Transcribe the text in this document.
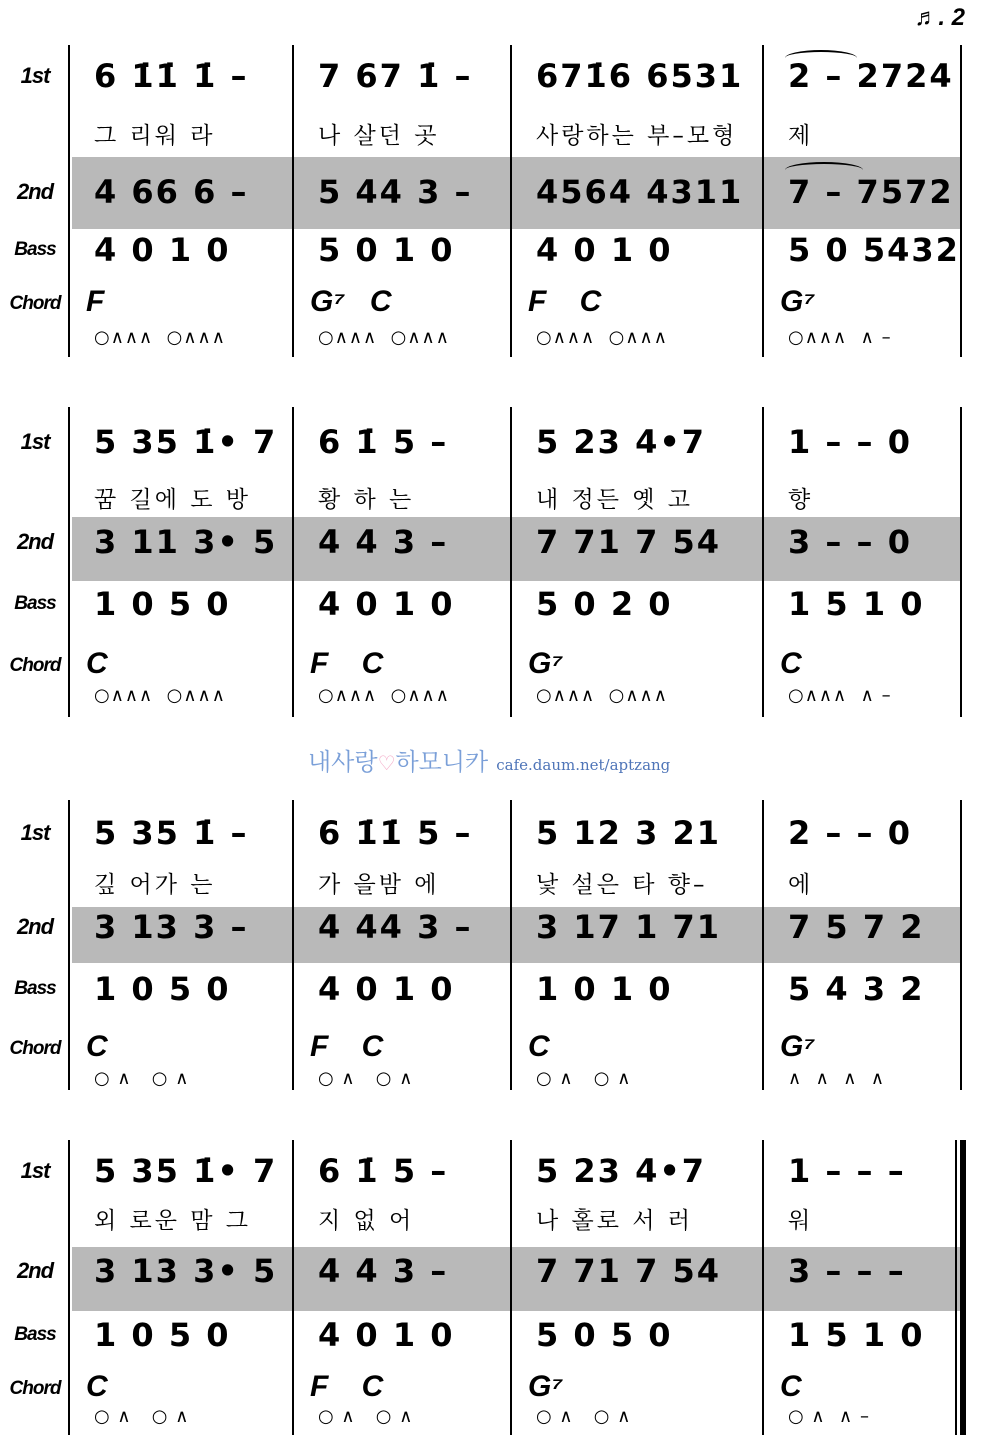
♬. 2
내사랑♡하모니카 cafe.daum.net/aptzang
1st
2nd
Bass
Chord
6 1̇1̇ 1̇ –
그 리워 라
4 66 6 –
4 0 1 0
F
○∧∧∧  ○∧∧∧
7 67 1̇ –
나 살던 곳
5 44 3 –
5 0 1 0
G⁷   C
○∧∧∧  ○∧∧∧
671̇6 6531
사랑하는 부–모형
4564 4311
4 0 1 0
F    C
○∧∧∧  ○∧∧∧
2 – 2724
제
7 – 7572
5 0 5432
G⁷
○∧∧∧  ∧ –
1st
2nd
Bass
Chord
5 35 1̇• 7
꿈 길에 도 방
3 11 3• 5
1 0 5 0
C
○∧∧∧  ○∧∧∧
6 1̇ 5 –
황 하 는
4 4 3 –
4 0 1 0
F    C
○∧∧∧  ○∧∧∧
5 23 4•7
내 정든 옛 고
7 71 7 54
5 0 2 0
G⁷
○∧∧∧  ○∧∧∧
1 – – 0
향
3 – – 0
1 5 1 0
C
○∧∧∧  ∧ –
1st
2nd
Bass
Chord
5 35 1̇ –
깊 어가 는
3 13 3 –
1 0 5 0
C
○ ∧   ○ ∧
6 1̇1̇ 5 –
가 을밤 에
4 44 3 –
4 0 1 0
F    C
○ ∧   ○ ∧
5 12 3 21
낯 설은 타 향–
3 17 1 71
1 0 1 0
C
○ ∧   ○ ∧
2 – – 0
에
7 5 7 2
5 4 3 2
G⁷
∧  ∧  ∧  ∧
1st
2nd
Bass
Chord
5 35 1̇• 7
외 로운 맘 그
3 13 3• 5
1 0 5 0
C
○ ∧   ○ ∧
6 1̇ 5 –
지 없 어
4 4 3 –
4 0 1 0
F    C
○ ∧   ○ ∧
5 23 4•7
나 홀로 서 러
7 71 7 54
5 0 5 0
G⁷
○ ∧   ○ ∧
1 – – –
워
3 – – –
1 5 1 0
C
○ ∧  ∧ –
